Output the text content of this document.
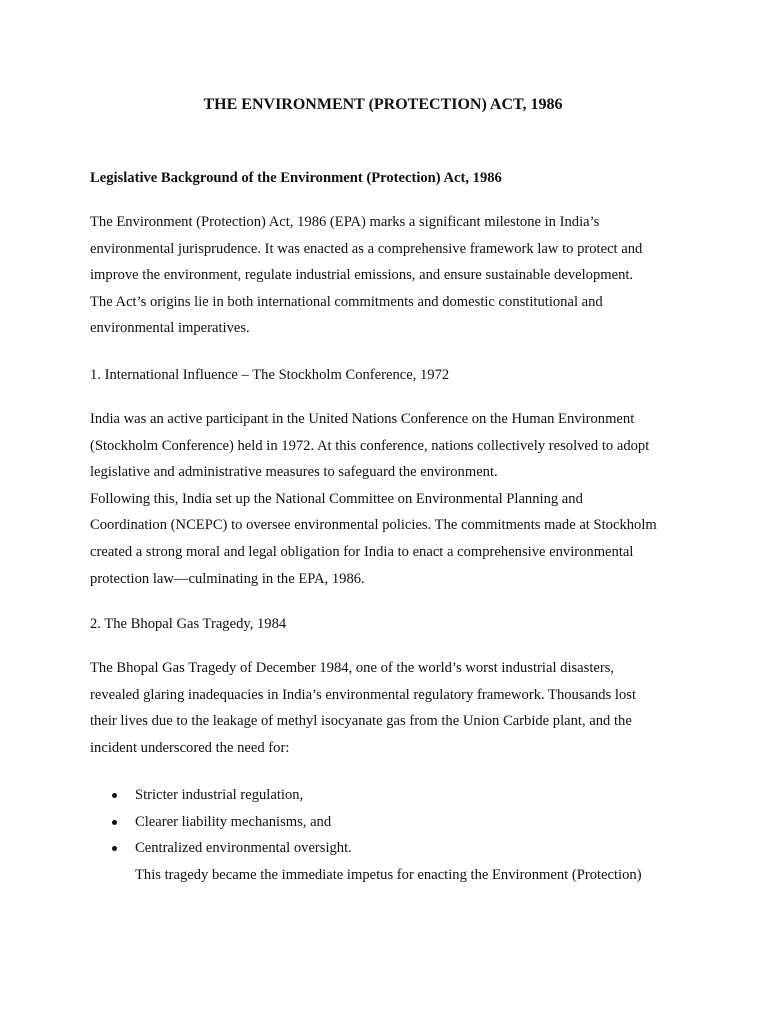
THE ENVIRONMENT (PROTECTION) ACT, 1986

Legislative Background of the Environment (Protection) Act, 1986

The Environment (Protection) Act, 1986 (EPA) marks a significant milestone in India’s
environmental jurisprudence. It was enacted as a comprehensive framework law to protect and
improve the environment, regulate industrial emissions, and ensure sustainable development.
The Act’s origins lie in both international commitments and domestic constitutional and
environmental imperatives.

1. International Influence – The Stockholm Conference, 1972

India was an active participant in the United Nations Conference on the Human Environment
(Stockholm Conference) held in 1972. At this conference, nations collectively resolved to adopt
legislative and administrative measures to safeguard the environment.
Following this, India set up the National Committee on Environmental Planning and
Coordination (NCEPC) to oversee environmental policies. The commitments made at Stockholm
created a strong moral and legal obligation for India to enact a comprehensive environmental
protection law—culminating in the EPA, 1986.

2. The Bhopal Gas Tragedy, 1984

The Bhopal Gas Tragedy of December 1984, one of the world’s worst industrial disasters,
revealed glaring inadequacies in India’s environmental regulatory framework. Thousands lost
their lives due to the leakage of methyl isocyanate gas from the Union Carbide plant, and the
incident underscored the need for:

Stricter industrial regulation,
Clearer liability mechanisms, and
Centralized environmental oversight.

This tragedy became the immediate impetus for enacting the Environment (Protection)
